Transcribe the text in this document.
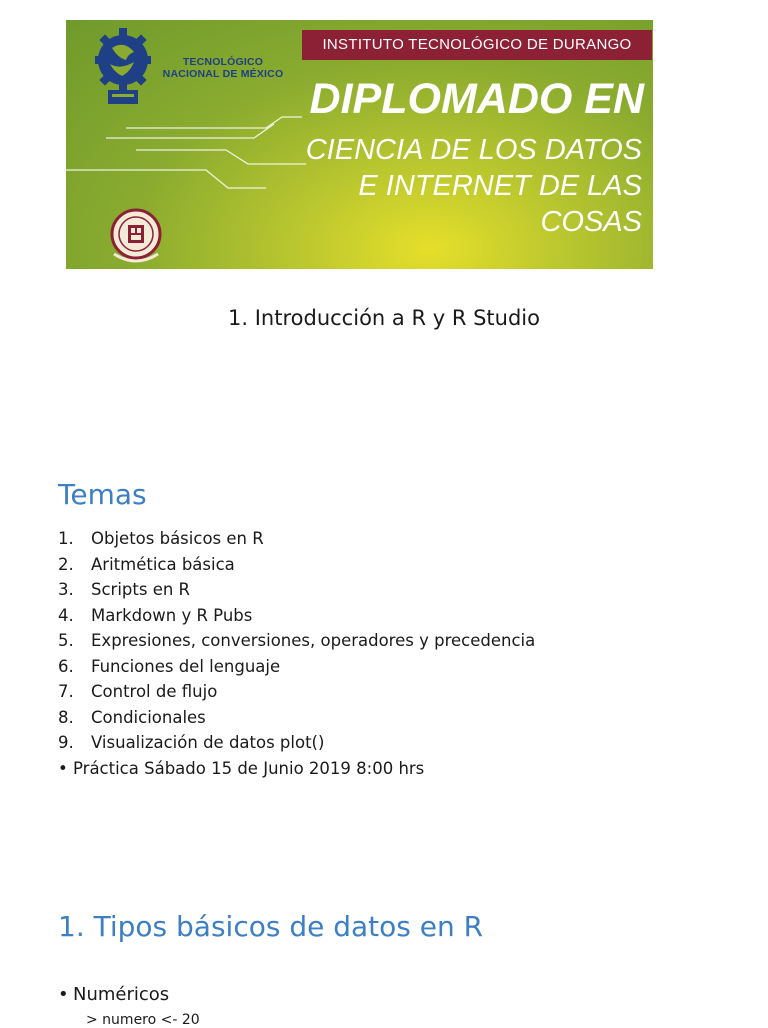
TECNOLÓGICO
NACIONAL DE MÉXICO
INSTITUTO TECNOLÓGICO DE DURANGO
DIPLOMADO EN
CIENCIA DE LOS DATOS
E INTERNET DE LAS COSAS
1. Introducción a R y R Studio
Temas
1.	Objetos básicos en R
2.	Aritmética básica
3.	Scripts en R
4.	Markdown y R Pubs
5.	Expresiones, conversiones, operadores y precedencia
6.	Funciones del lenguaje
7.	Control de flujo
8.	Condicionales
9.	Visualización de datos plot()
• Práctica Sábado 15 de Junio 2019 8:00 hrs
1. Tipos básicos de datos en R
• Numéricos
> numero <- 20
